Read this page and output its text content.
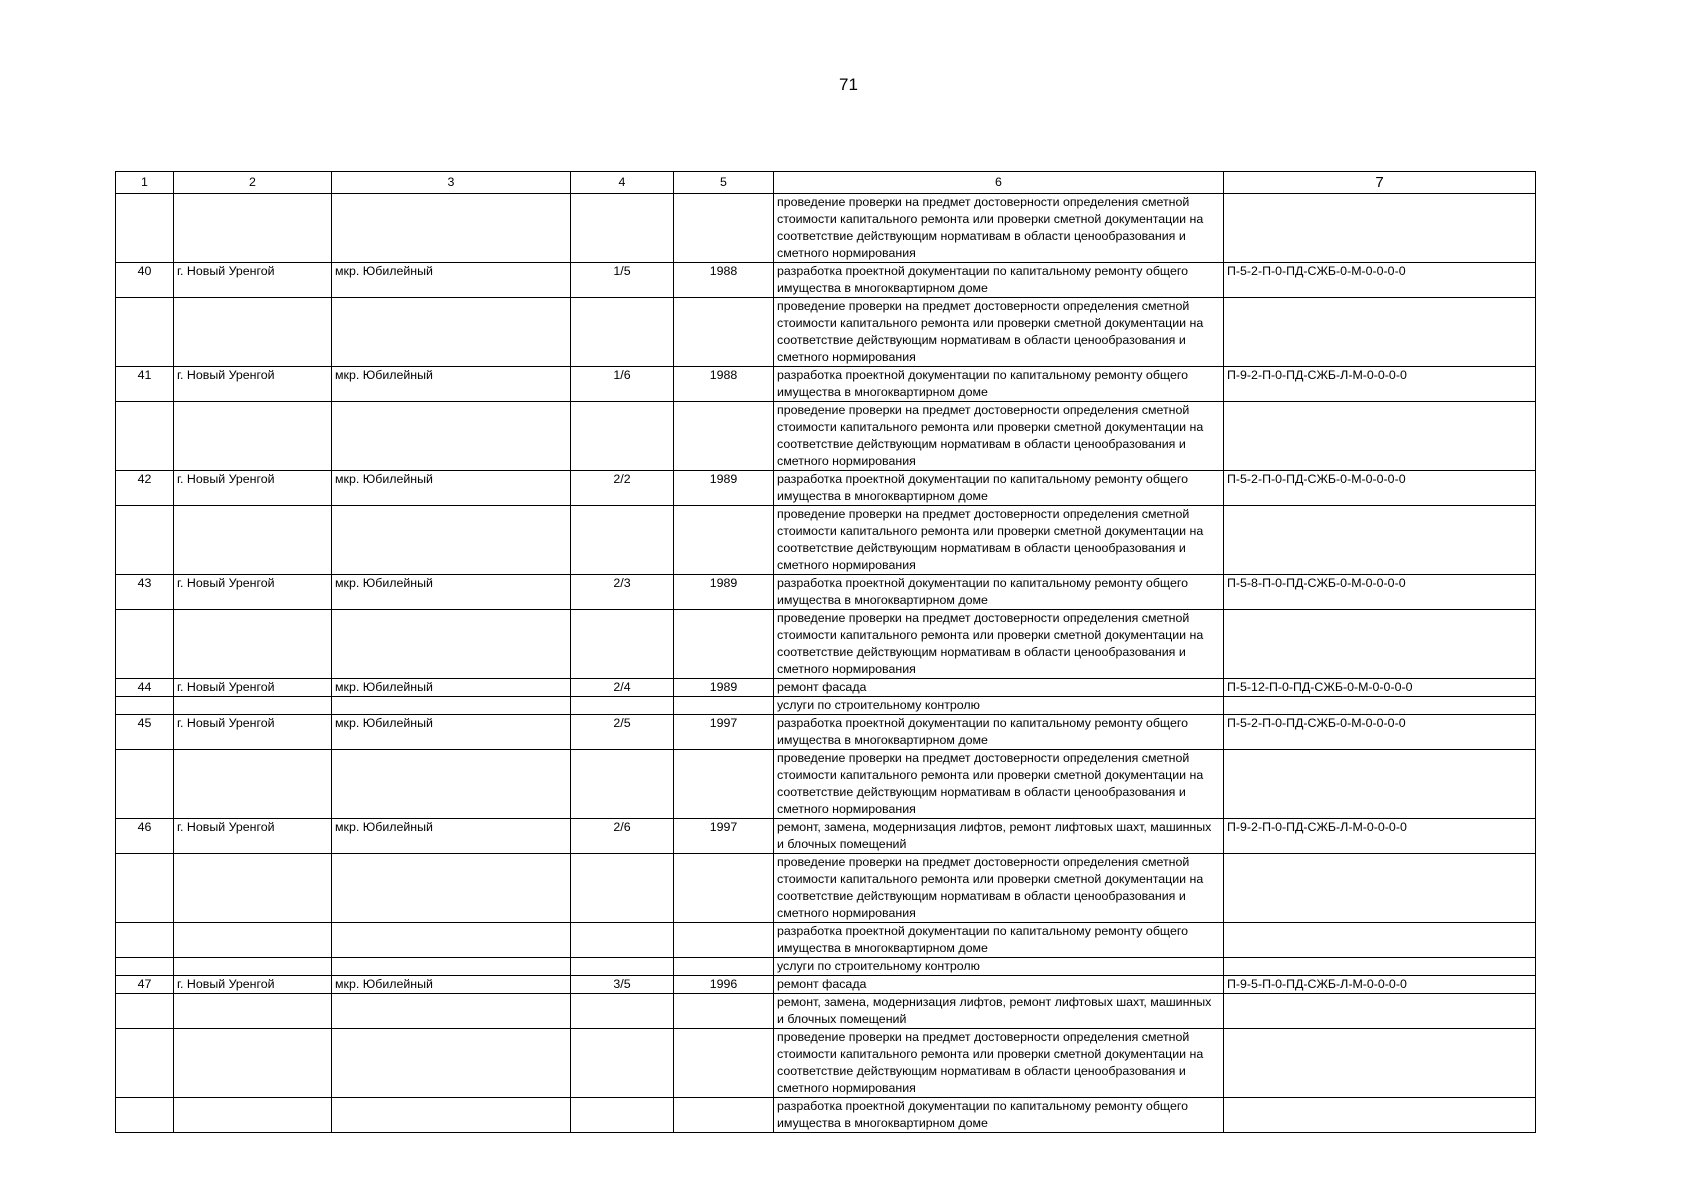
71
1	2	3	4	5	6	7
					проведение проверки на предмет достоверности определения сметной стоимости капитального ремонта или проверки сметной документации на соответствие действующим нормативам в области ценообразования и сметного нормирования	
40	г. Новый Уренгой	мкр. Юбилейный	1/5	1988	разработка проектной документации по капитальному ремонту общего имущества в многоквартирном доме	П-5-2-П-0-ПД-СЖБ-0-М-0-0-0-0
					проведение проверки на предмет достоверности определения сметной стоимости капитального ремонта или проверки сметной документации на соответствие действующим нормативам в области ценообразования и сметного нормирования	
41	г. Новый Уренгой	мкр. Юбилейный	1/6	1988	разработка проектной документации по капитальному ремонту общего имущества в многоквартирном доме	П-9-2-П-0-ПД-СЖБ-Л-М-0-0-0-0
					проведение проверки на предмет достоверности определения сметной стоимости капитального ремонта или проверки сметной документации на соответствие действующим нормативам в области ценообразования и сметного нормирования	
42	г. Новый Уренгой	мкр. Юбилейный	2/2	1989	разработка проектной документации по капитальному ремонту общего имущества в многоквартирном доме	П-5-2-П-0-ПД-СЖБ-0-М-0-0-0-0
					проведение проверки на предмет достоверности определения сметной стоимости капитального ремонта или проверки сметной документации на соответствие действующим нормативам в области ценообразования и сметного нормирования	
43	г. Новый Уренгой	мкр. Юбилейный	2/3	1989	разработка проектной документации по капитальному ремонту общего имущества в многоквартирном доме	П-5-8-П-0-ПД-СЖБ-0-М-0-0-0-0
					проведение проверки на предмет достоверности определения сметной стоимости капитального ремонта или проверки сметной документации на соответствие действующим нормативам в области ценообразования и сметного нормирования	
44	г. Новый Уренгой	мкр. Юбилейный	2/4	1989	ремонт фасада	П-5-12-П-0-ПД-СЖБ-0-М-0-0-0-0
					услуги по строительному контролю	
45	г. Новый Уренгой	мкр. Юбилейный	2/5	1997	разработка проектной документации по капитальному ремонту общего имущества в многоквартирном доме	П-5-2-П-0-ПД-СЖБ-0-М-0-0-0-0
					проведение проверки на предмет достоверности определения сметной стоимости капитального ремонта или проверки сметной документации на соответствие действующим нормативам в области ценообразования и сметного нормирования	
46	г. Новый Уренгой	мкр. Юбилейный	2/6	1997	ремонт, замена, модернизация лифтов, ремонт лифтовых шахт, машинных и блочных помещений	П-9-2-П-0-ПД-СЖБ-Л-М-0-0-0-0
					проведение проверки на предмет достоверности определения сметной стоимости капитального ремонта или проверки сметной документации на соответствие действующим нормативам в области ценообразования и сметного нормирования	
					разработка проектной документации по капитальному ремонту общего имущества в многоквартирном доме	
					услуги по строительному контролю	
47	г. Новый Уренгой	мкр. Юбилейный	3/5	1996	ремонт фасада	П-9-5-П-0-ПД-СЖБ-Л-М-0-0-0-0
					ремонт, замена, модернизация лифтов, ремонт лифтовых шахт, машинных и блочных помещений	
					проведение проверки на предмет достоверности определения сметной стоимости капитального ремонта или проверки сметной документации на соответствие действующим нормативам в области ценообразования и сметного нормирования	
					разработка проектной документации по капитальному ремонту общего имущества в многоквартирном доме	
